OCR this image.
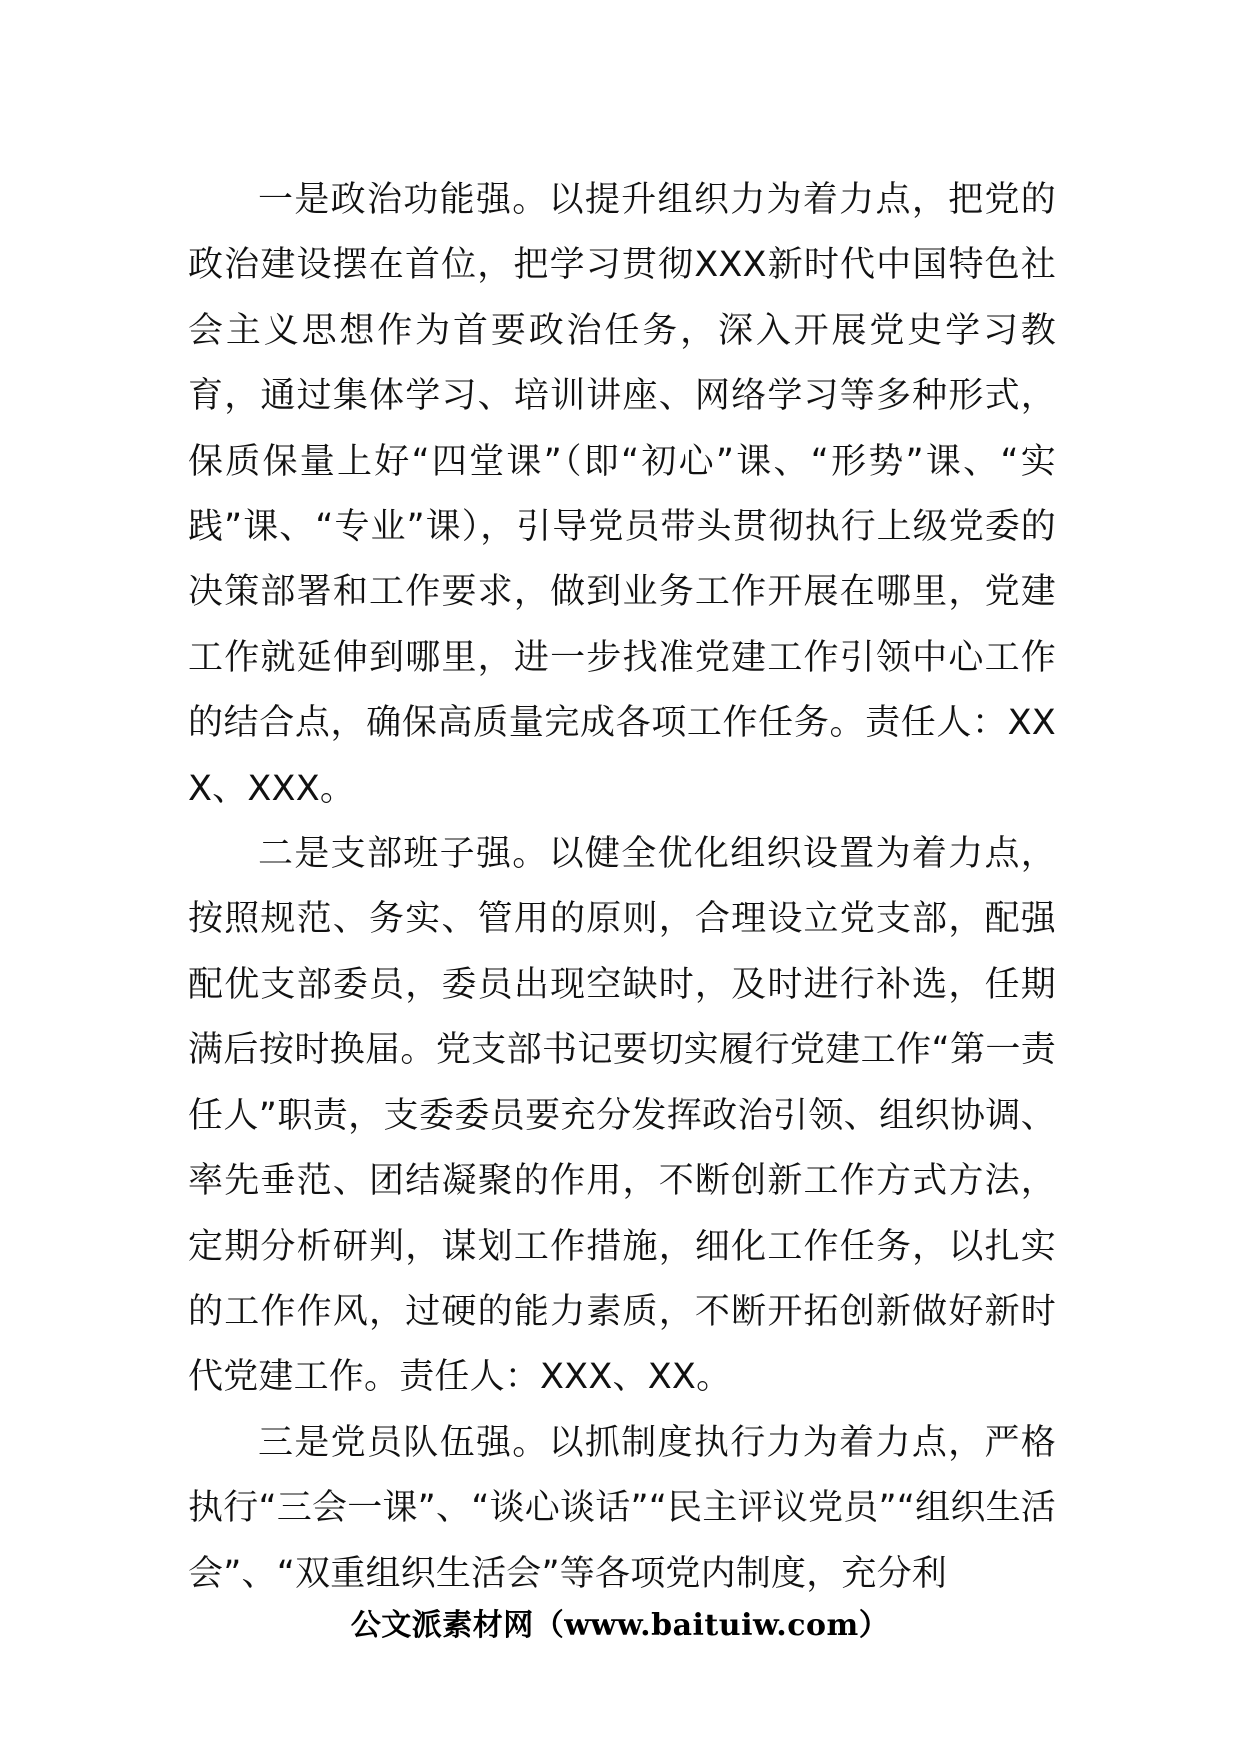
一是政治功能强。以提升组织力为着力点，把党的政治建设摆在首位，把学习贯彻XXX新时代中国特色社会主义思想作为首要政治任务，深入开展党史学习教育，通过集体学习、培训讲座、网络学习等多种形式，保质保量上好“四堂课”（即“初心”课、“形势”课、“实践”课、“专业”课），引导党员带头贯彻执行上级党委的决策部署和工作要求，做到业务工作开展在哪里，党建工作就延伸到哪里，进一步找准党建工作引领中心工作的结合点，确保高质量完成各项工作任务。责任人：XXX、XXX。

二是支部班子强。以健全优化组织设置为着力点，按照规范、务实、管用的原则，合理设立党支部，配强配优支部委员，委员出现空缺时，及时进行补选，任期满后按时换届。党支部书记要切实履行党建工作“第一责任人”职责，支委委员要充分发挥政治引领、组织协调、率先垂范、团结凝聚的作用，不断创新工作方式方法，定期分析研判，谋划工作措施，细化工作任务，以扎实的工作作风，过硬的能力素质，不断开拓创新做好新时代党建工作。责任人：XXX、XX。

三是党员队伍强。以抓制度执行力为着力点，严格执行“三会一课”、“谈心谈话”“民主评议党员”“组织生活会”、“双重组织生活会”等各项党内制度，充分利

公文派素材网（www.baituiw.com）
